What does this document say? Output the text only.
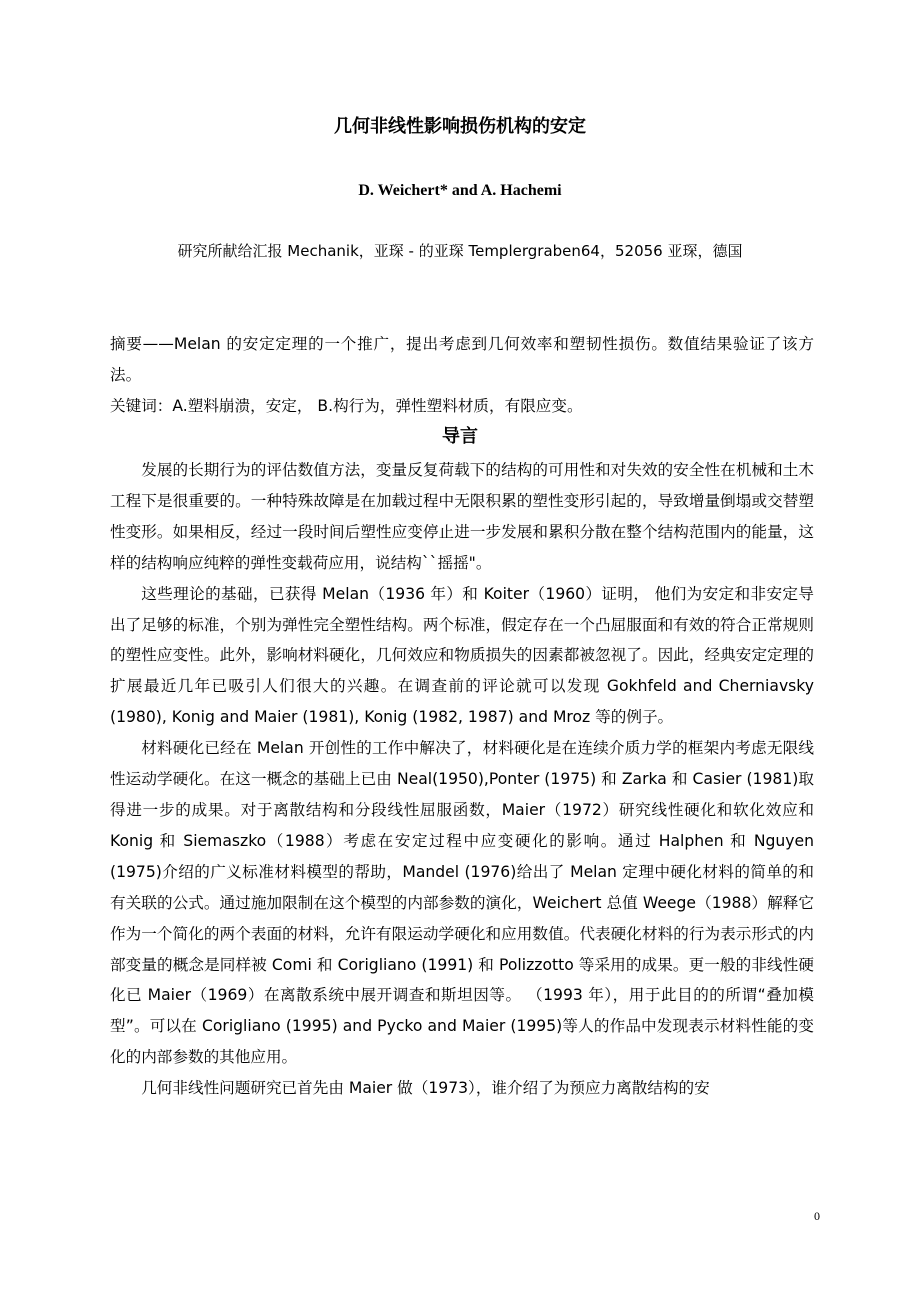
几何非线性影响损伤机构的安定
D. Weichert* and A. Hachemi
研究所献给汇报 Mechanik，亚琛 - 的亚琛 Templergraben64，52056 亚琛，德国

摘要——Melan 的安定定理的一个推广，提出考虑到几何效率和塑韧性损伤。数值结果验证了该方法。

关键词：A.塑料崩溃，安定， B.构行为，弹性塑料材质，有限应变。

导言

发展的长期行为的评估数值方法，变量反复荷载下的结构的可用性和对失效的安全性在机械和土木工程下是很重要的。一种特殊故障是在加载过程中无限积累的塑性变形引起的，导致增量倒塌或交替塑性变形。如果相反，经过一段时间后塑性应变停止进一步发展和累积分散在整个结构范围内的能量，这样的结构响应纯粹的弹性变载荷应用，说结构``摇摇"。

这些理论的基础，已获得 Melan（1936 年）和 Koiter（1960）证明， 他们为安定和非安定导出了足够的标准，个别为弹性完全塑性结构。两个标准，假定存在一个凸屈服面和有效的符合正常规则的塑性应变性。此外，影响材料硬化，几何效应和物质损失的因素都被忽视了。因此，经典安定定理的扩展最近几年已吸引人们很大的兴趣。在调查前的评论就可以发现 Gokhfeld and Cherniavsky (1980), Konig and Maier (1981), Konig (1982, 1987) and Mroz 等的例子。

材料硬化已经在 Melan 开创性的工作中解决了，材料硬化是在连续介质力学的框架内考虑无限线性运动学硬化。在这一概念的基础上已由 Neal(1950),Ponter (1975) 和 Zarka 和 Casier (1981)取得进一步的成果。对于离散结构和分段线性屈服函数，Maier（1972）研究线性硬化和软化效应和 Konig 和 Siemaszko（1988）考虑在安定过程中应变硬化的影响。通过 Halphen 和 Nguyen (1975)介绍的广义标准材料模型的帮助，Mandel (1976)给出了 Melan 定理中硬化材料的简单的和有关联的公式。通过施加限制在这个模型的内部参数的演化，Weichert 总值 Weege（1988）解释它作为一个简化的两个表面的材料，允许有限运动学硬化和应用数值。代表硬化材料的行为表示形式的内部变量的概念是同样被 Comi 和 Corigliano (1991) 和 Polizzotto 等采用的成果。更一般的非线性硬化已 Maier（1969）在离散系统中展开调查和斯坦因等。 （1993 年），用于此目的的所谓“叠加模型”。可以在 Corigliano (1995) and Pycko and Maier (1995)等人的作品中发现表示材料性能的变化的内部参数的其他应用。

几何非线性问题研究已首先由 Maier 做（1973），谁介绍了为预应力离散结构的安

0
